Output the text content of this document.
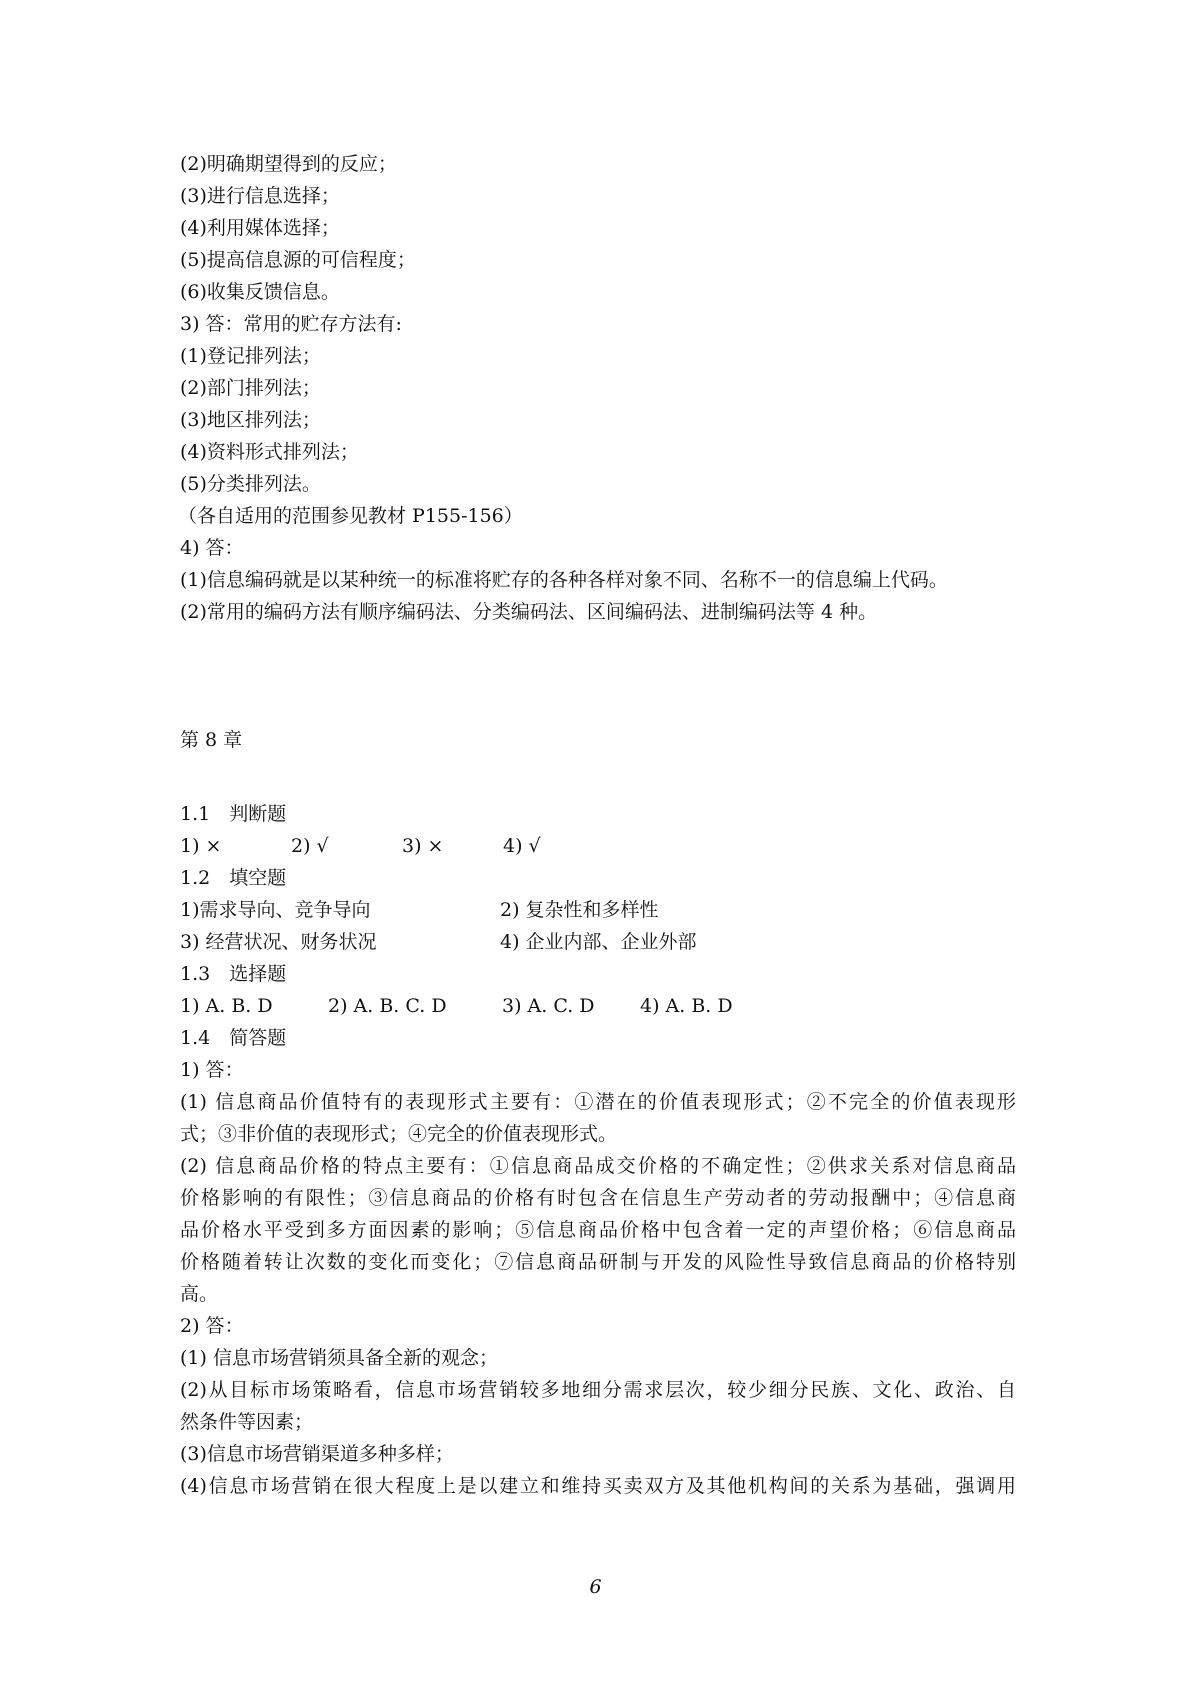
(2)明确期望得到的反应；
(3)进行信息选择；
(4)利用媒体选择；
(5)提高信息源的可信程度；
(6)收集反馈信息。
3) 答：常用的贮存方法有:
(1)登记排列法；
(2)部门排列法；
(3)地区排列法；
(4)资料形式排列法；
(5)分类排列法。
（各自适用的范围参见教材 P155-156）
4) 答：
(1)信息编码就是以某种统一的标准将贮存的各种各样对象不同、名称不一的信息编上代码。
(2)常用的编码方法有顺序编码法、分类编码法、区间编码法、进制编码法等 4 种。
第 8 章
1.1　判断题
1) ×	2) √	3) ×	4) √
1.2　填空题
1)需求导向、竞争导向	2) 复杂性和多样性
3) 经营状况、财务状况	4) 企业内部、企业外部
1.3　选择题
1) A. B. D	2) A. B. C. D	3) A. C. D 4) A. B. D
1.4　简答题
1) 答：
(1) 信息商品价值特有的表现形式主要有：①潜在的价值表现形式；②不完全的价值表现形
式；③非价值的表现形式；④完全的价值表现形式。
(2) 信息商品价格的特点主要有：①信息商品成交价格的不确定性；②供求关系对信息商品
价格影响的有限性；③信息商品的价格有时包含在信息生产劳动者的劳动报酬中；④信息商
品价格水平受到多方面因素的影响；⑤信息商品价格中包含着一定的声望价格；⑥信息商品
价格随着转让次数的变化而变化；⑦信息商品研制与开发的风险性导致信息商品的价格特别
高。
2) 答：
(1) 信息市场营销须具备全新的观念；
(2)从目标市场策略看，信息市场营销较多地细分需求层次，较少细分民族、文化、政治、自
然条件等因素；
(3)信息市场营销渠道多种多样；
(4)信息市场营销在很大程度上是以建立和维持买卖双方及其他机构间的关系为基础，强调用
6
